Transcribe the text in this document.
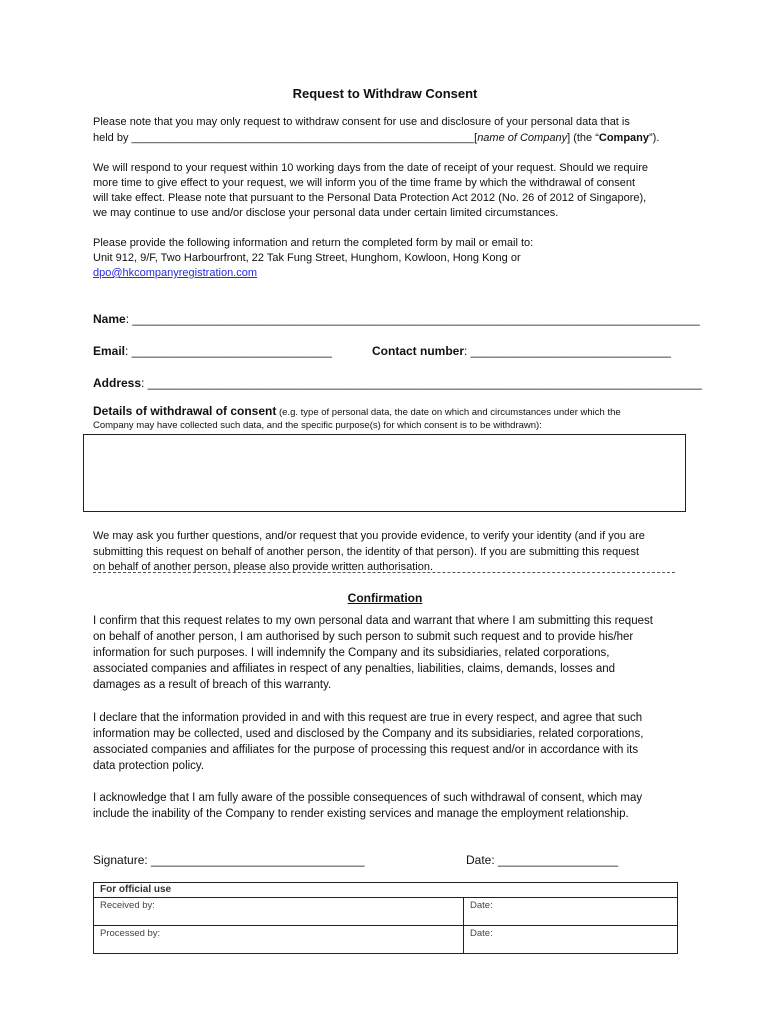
Request to Withdraw Consent
Please note that you may only request to withdraw consent for use and disclosure of your personal data that is
held by ________________________________________________________[name of Company] (the “Company”).
We will respond to your request within 10 working days from the date of receipt of your request. Should we require
more time to give effect to your request, we will inform you of the time frame by which the withdrawal of consent
will take effect. Please note that pursuant to the Personal Data Protection Act 2012 (No. 26 of 2012 of Singapore),
we may continue to use and/or disclose your personal data under certain limited circumstances.
Please provide the following information and return the completed form by mail or email to:
Unit 912, 9/F, Two Harbourfront, 22 Tak Fung Street, Hunghom, Kowloon, Hong Kong or
dpo@hkcompanyregistration.com
Name: _____________________________________________________________________________________
Email: ______________________________	Contact number: ______________________________
Address: ___________________________________________________________________________________
Details of withdrawal of consent (e.g. type of personal data, the date on which and circumstances under which the
Company may have collected such data, and the specific purpose(s) for which consent is to be withdrawn):
We may ask you further questions, and/or request that you provide evidence, to verify your identity (and if you are
submitting this request on behalf of another person, the identity of that person). If you are submitting this request
on behalf of another person, please also provide written authorisation.
Confirmation
I confirm that this request relates to my own personal data and warrant that where I am submitting this request
on behalf of another person, I am authorised by such person to submit such request and to provide his/her
information for such purposes. I will indemnify the Company and its subsidiaries, related corporations,
associated companies and affiliates in respect of any penalties, liabilities, claims, demands, losses and
damages as a result of breach of this warranty.
I declare that the information provided in and with this request are true in every respect, and agree that such
information may be collected, used and disclosed by the Company and its subsidiaries, related corporations,
associated companies and affiliates for the purpose of processing this request and/or in accordance with its
data protection policy.
I acknowledge that I am fully aware of the possible consequences of such withdrawal of consent, which may
include the inability of the Company to render existing services and manage the employment relationship.
Signature: ________________________________	Date: __________________
For official use
Received by:	Date:
Processed by:	Date:
